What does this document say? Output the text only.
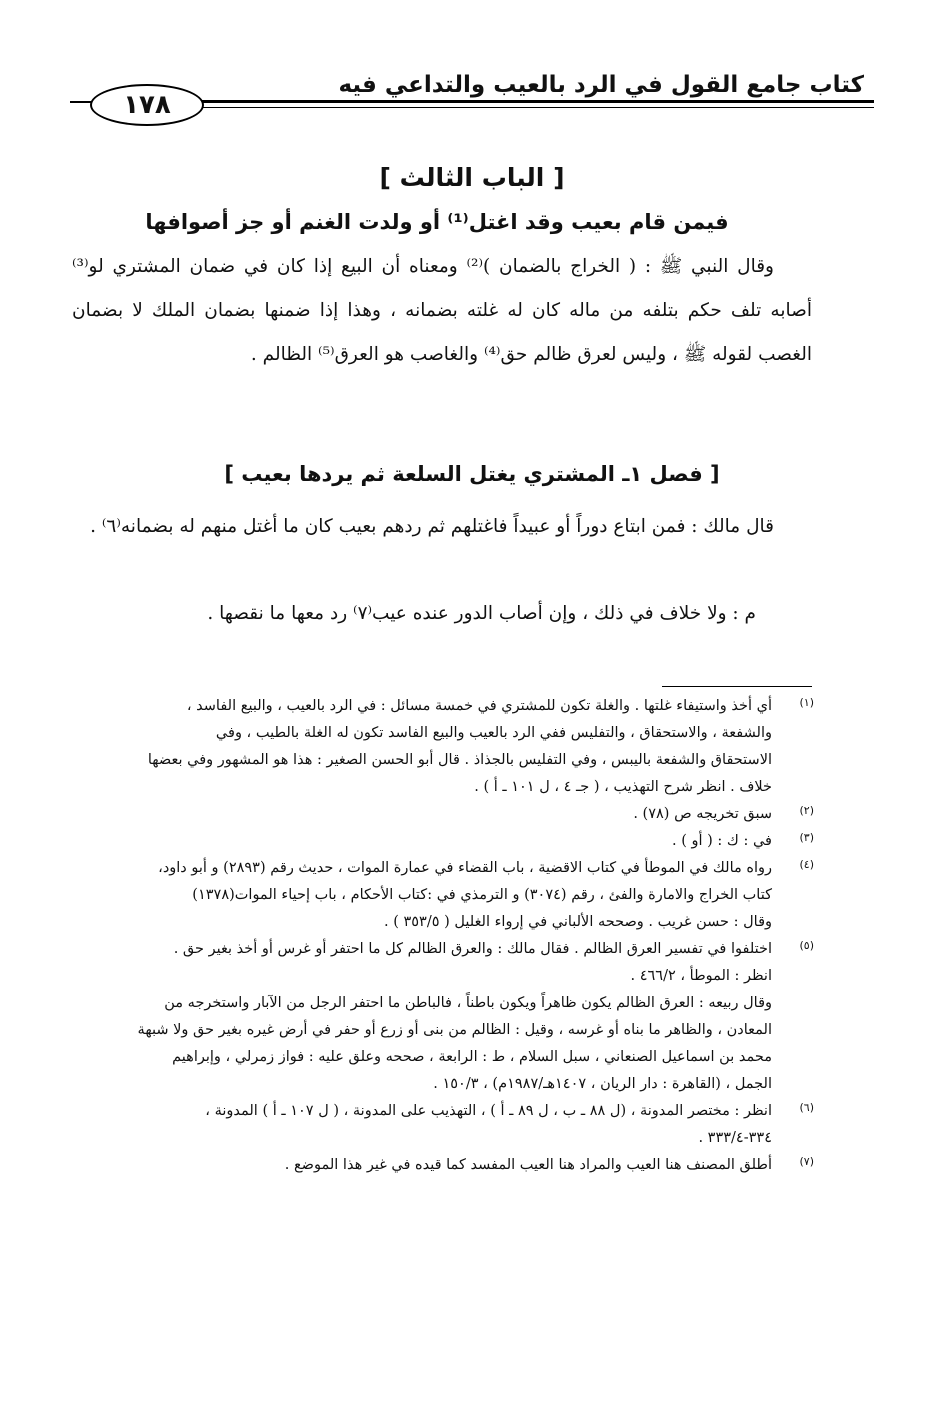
كتاب جامع القول في الرد بالعيب والتداعي فيه
١٧٨
[ الباب الثالث ]
فيمن قام بعيب وقد اغتل⁽¹⁾ أو ولدت الغنم أو جز أصوافها
وقال النبي ﷺ : ( الخراج بالضمان )⁽²⁾ ومعناه أن البيع إذا كان في ضمان المشتري لو⁽³⁾ أصابه تلف حكم بتلفه من ماله كان له غلته بضمانه ، وهذا إذا ضمنها بضمان الملك لا بضمان الغصب لقوله ﷺ ، وليس لعرق ظالم حق⁽⁴⁾ والغاصب هو العرق⁽⁵⁾ الظالم .
[ فصل ١ـ المشتري يغتل السلعة ثم يردها بعيب ]
قال مالك : فمن ابتاع دوراً أو عبيداً فاغتلهم ثم ردهم بعيب كان ما أغتل منهم له بضمانه⁽٦⁾ .
م : ولا خلاف في ذلك ، وإن أصاب الدور عنده عيب⁽٧⁾ رد معها ما نقصها .
(١)
أي أخذ واستيفاء غلتها . والغلة تكون للمشتري في خمسة مسائل : في الرد بالعيب ، والبيع الفاسد ،
والشفعة ، والاستحقاق ، والتفليس ففي الرد بالعيب والبيع الفاسد تكون له الغلة بالطيب ، وفي
الاستحقاق والشفعة باليبس ، وفي التفليس بالجذاذ . قال أبو الحسن الصغير : هذا هو المشهور وفي بعضها
خلاف . انظر شرح التهذيب ، ( جـ ٤ ، ل ١٠١ ـ أ ) .
(٢)
سبق تخريجه ص (٧٨) .
(٣)
في : ك : ( أو ) .
(٤)
رواه مالك في الموطأ في كتاب الاقضية ، باب القضاء في عمارة الموات ، حديث رقم (٢٨٩٣) و أبو داود،
كتاب الخراج والامارة والفئ ، رقم (٣٠٧٤) و الترمذي في :كتاب الأحكام ، باب إحياء الموات(١٣٧٨)
وقال : حسن غريب . وصححه الألباني في إرواء الغليل ( ٣٥٣/٥ ) .
(٥)
اختلفوا في تفسير العرق الظالم . فقال مالك : والعرق الظالم كل ما احتفر أو غرس أو أخذ بغير حق .
انظر : الموطأ ، ٤٦٦/٢ .
وقال ربيعه : العرق الظالم يكون ظاهراً ويكون باطناً ، فالباطن ما احتفر الرجل من الآبار واستخرجه من
المعادن ، والظاهر ما بناه أو غرسه ، وقيل : الظالم من بنى أو زرع أو حفر في أرض غيره بغير حق ولا شبهة
محمد بن اسماعيل الصنعاني ، سبل السلام ، ط : الرابعة ، صححه وعلق عليه : فواز زمرلي ، وإبراهيم
الجمل ، (القاهرة : دار الريان ، ١٤٠٧هـ/١٩٨٧م) ، ١٥٠/٣ .
(٦)
انظر : مختصر المدونة ، (ل ٨٨ ـ ب ، ل ٨٩ ـ أ ) ، التهذيب على المدونة ، ( ل ١٠٧ ـ أ ) المدونة ،
٣٣٤-٣٣٣/٤ .
(٧)
أطلق المصنف هنا العيب والمراد هنا العيب المفسد كما قيده في غير هذا الموضع .
